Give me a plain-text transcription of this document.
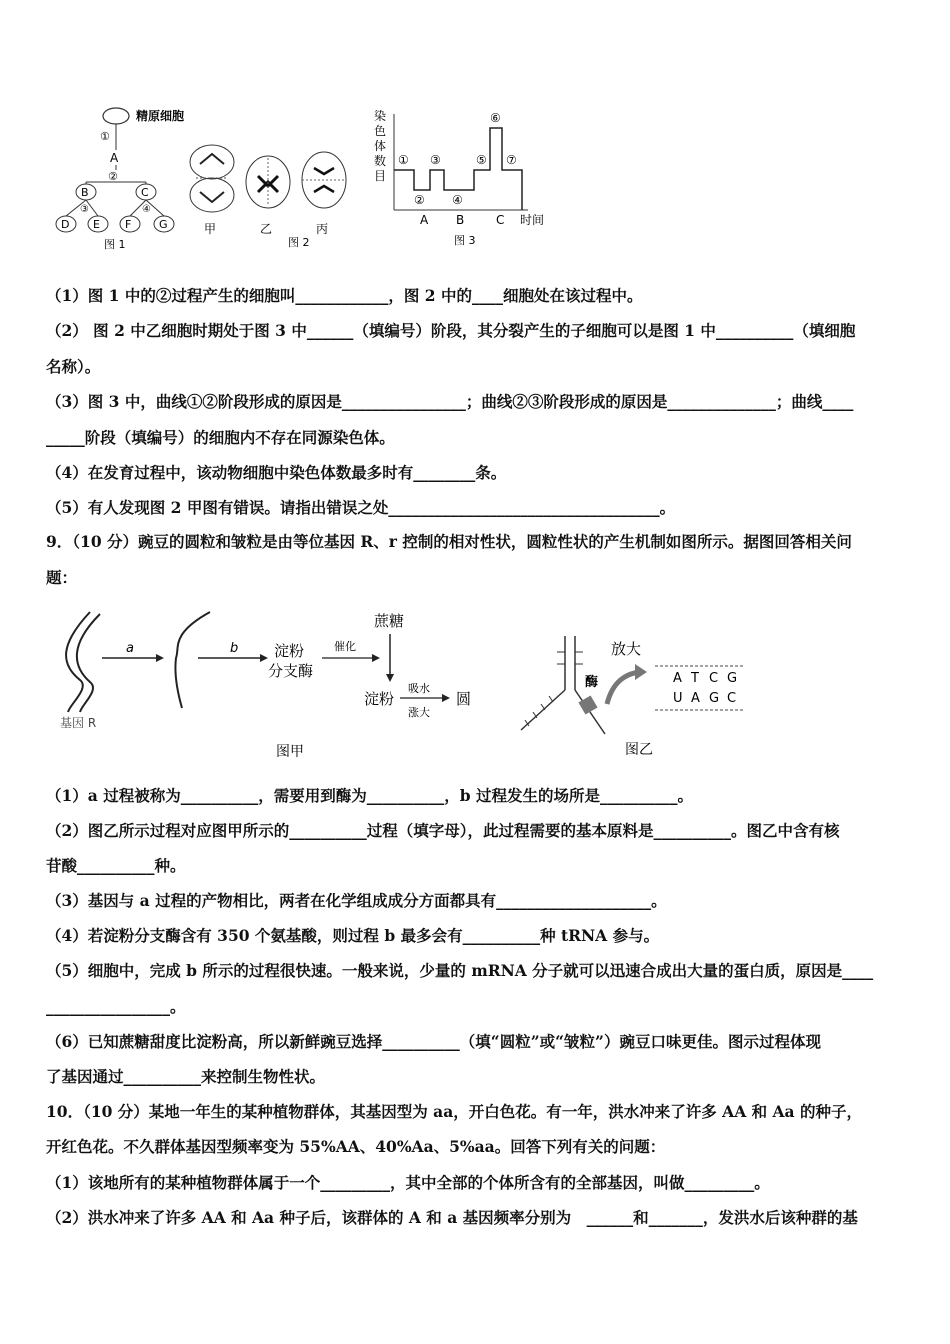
精原细胞
①
A
②
B	C
③	④
D E F	G
图 1
甲	乙	丙
图 2
染
色
体
数
目
①
②
③
④
⑤
⑥
⑦
A B	C 时间
图 3
（1）图 1 中的②过程产生的细胞叫____________，图 2 中的____细胞处在该过程中。
（2） 图 2 中乙细胞时期处于图 3 中______（填编号）阶段，其分裂产生的子细胞可以是图 1 中__________（填细胞
名称）。
（3）图 3 中，曲线①②阶段形成的原因是________________；曲线②③阶段形成的原因是______________；曲线____
_____阶段（填编号）的细胞内不存在同源染色体。
（4）在发育过程中，该动物细胞中染色体数最多时有________条。
（5）有人发现图 2 甲图有错误。请指出错误之处___________________________________。
9．（10 分）豌豆的圆粒和皱粒是由等位基因 R、r 控制的相对性状，圆粒性状的产生机制如图所示。据图回答相关问
题：
基因 R
a	b 淀粉
分支酶
催化
蔗糖
淀粉
吸水
涨大
圆
图甲
酶
放大
A T C G
U A G C
图乙
（1）a 过程被称为__________，需要用到酶为__________，b 过程发生的场所是__________。
（2）图乙所示过程对应图甲所示的__________过程（填字母），此过程需要的基本原料是__________。图乙中含有核
苷酸__________种。
（3）基因与 a 过程的产物相比，两者在化学组成成分方面都具有____________________。
（4）若淀粉分支酶含有 350 个氨基酸，则过程 b 最多会有__________种 tRNA 参与。
（5）细胞中，完成 b 所示的过程很快速。一般来说，少量的 mRNA 分子就可以迅速合成出大量的蛋白质，原因是____
________________。
（6）已知蔗糖甜度比淀粉高，所以新鲜豌豆选择__________（填“圆粒”或“皱粒”）豌豆口味更佳。图示过程体现
了基因通过__________来控制生物性状。
10．（10 分）某地一年生的某种植物群体，其基因型为 aa，开白色花。有一年，洪水冲来了许多 AA 和 Aa 的种子，
开红色花。不久群体基因型频率变为 55%AA、40%Aa、5%aa。回答下列有关的问题：
（1）该地所有的某种植物群体属于一个_________，其中全部的个体所含有的全部基因，叫做_________。
（2）洪水冲来了许多 AA 和 Aa 种子后，该群体的 A 和 a 基因频率分别为　______和_______，发洪水后该种群的基
